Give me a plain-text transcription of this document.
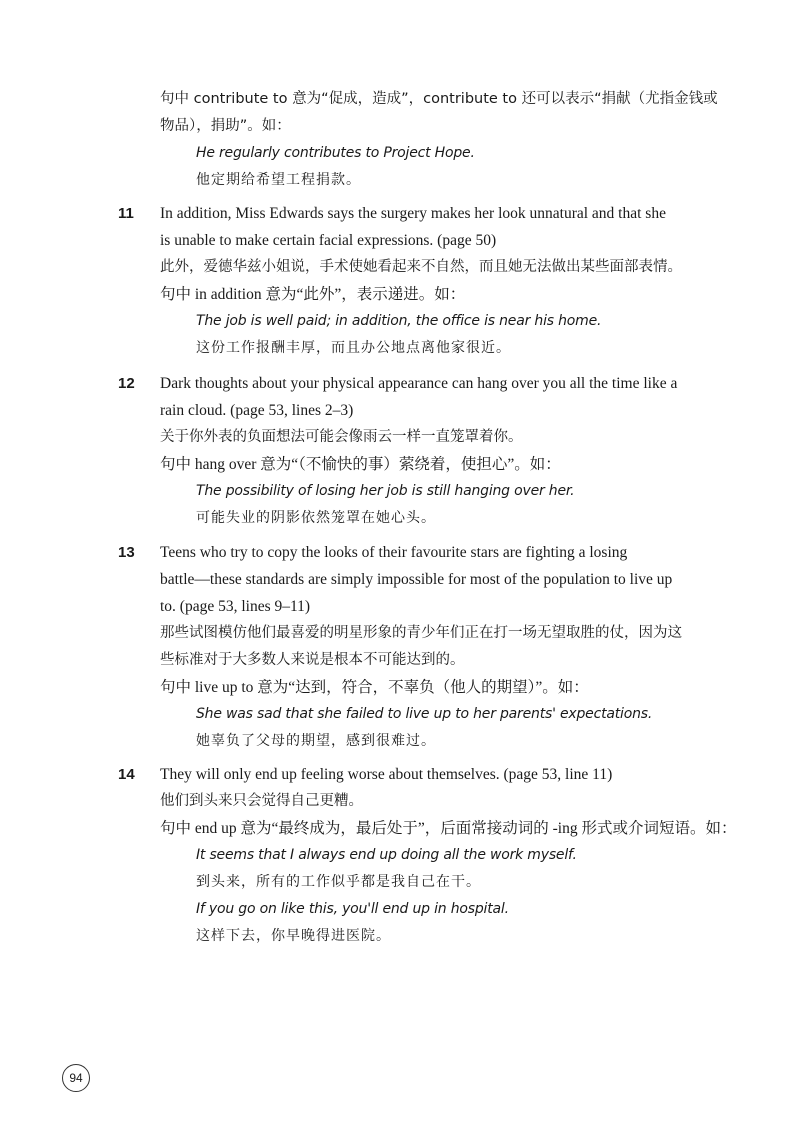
句中 contribute to 意为“促成，造成”，contribute to 还可以表示“捐献（尤指金钱或
物品），捐助”。如：
He regularly contributes to Project Hope.
他定期给希望工程捐款。
11	In addition, Miss Edwards says the surgery makes her look unnatural and that she
is unable to make certain facial expressions. (page 50)
此外，爱德华兹小姐说，手术使她看起来不自然，而且她无法做出某些面部表情。
句中 in addition 意为“此外”，表示递进。如：
The job is well paid; in addition, the office is near his home.
这份工作报酬丰厚，而且办公地点离他家很近。
12	Dark thoughts about your physical appearance can hang over you all the time like a
rain cloud. (page 53, lines 2–3)
关于你外表的负面想法可能会像雨云一样一直笼罩着你。
句中 hang over 意为“（不愉快的事）萦绕着，使担心”。如：
The possibility of losing her job is still hanging over her.
可能失业的阴影依然笼罩在她心头。
13	Teens who try to copy the looks of their favourite stars are fighting a losing
battle—these standards are simply impossible for most of the population to live up
to. (page 53, lines 9–11)
那些试图模仿他们最喜爱的明星形象的青少年们正在打一场无望取胜的仗，因为这
些标准对于大多数人来说是根本不可能达到的。
句中 live up to 意为“达到，符合，不辜负（他人的期望）”。如：
She was sad that she failed to live up to her parents' expectations.
她辜负了父母的期望，感到很难过。
14	They will only end up feeling worse about themselves. (page 53, line 11)
他们到头来只会觉得自己更糟。
句中 end up 意为“最终成为，最后处于”，后面常接动词的 -ing 形式或介词短语。如：
It seems that I always end up doing all the work myself.
到头来，所有的工作似乎都是我自己在干。
If you go on like this, you'll end up in hospital.
这样下去，你早晚得进医院。
94
